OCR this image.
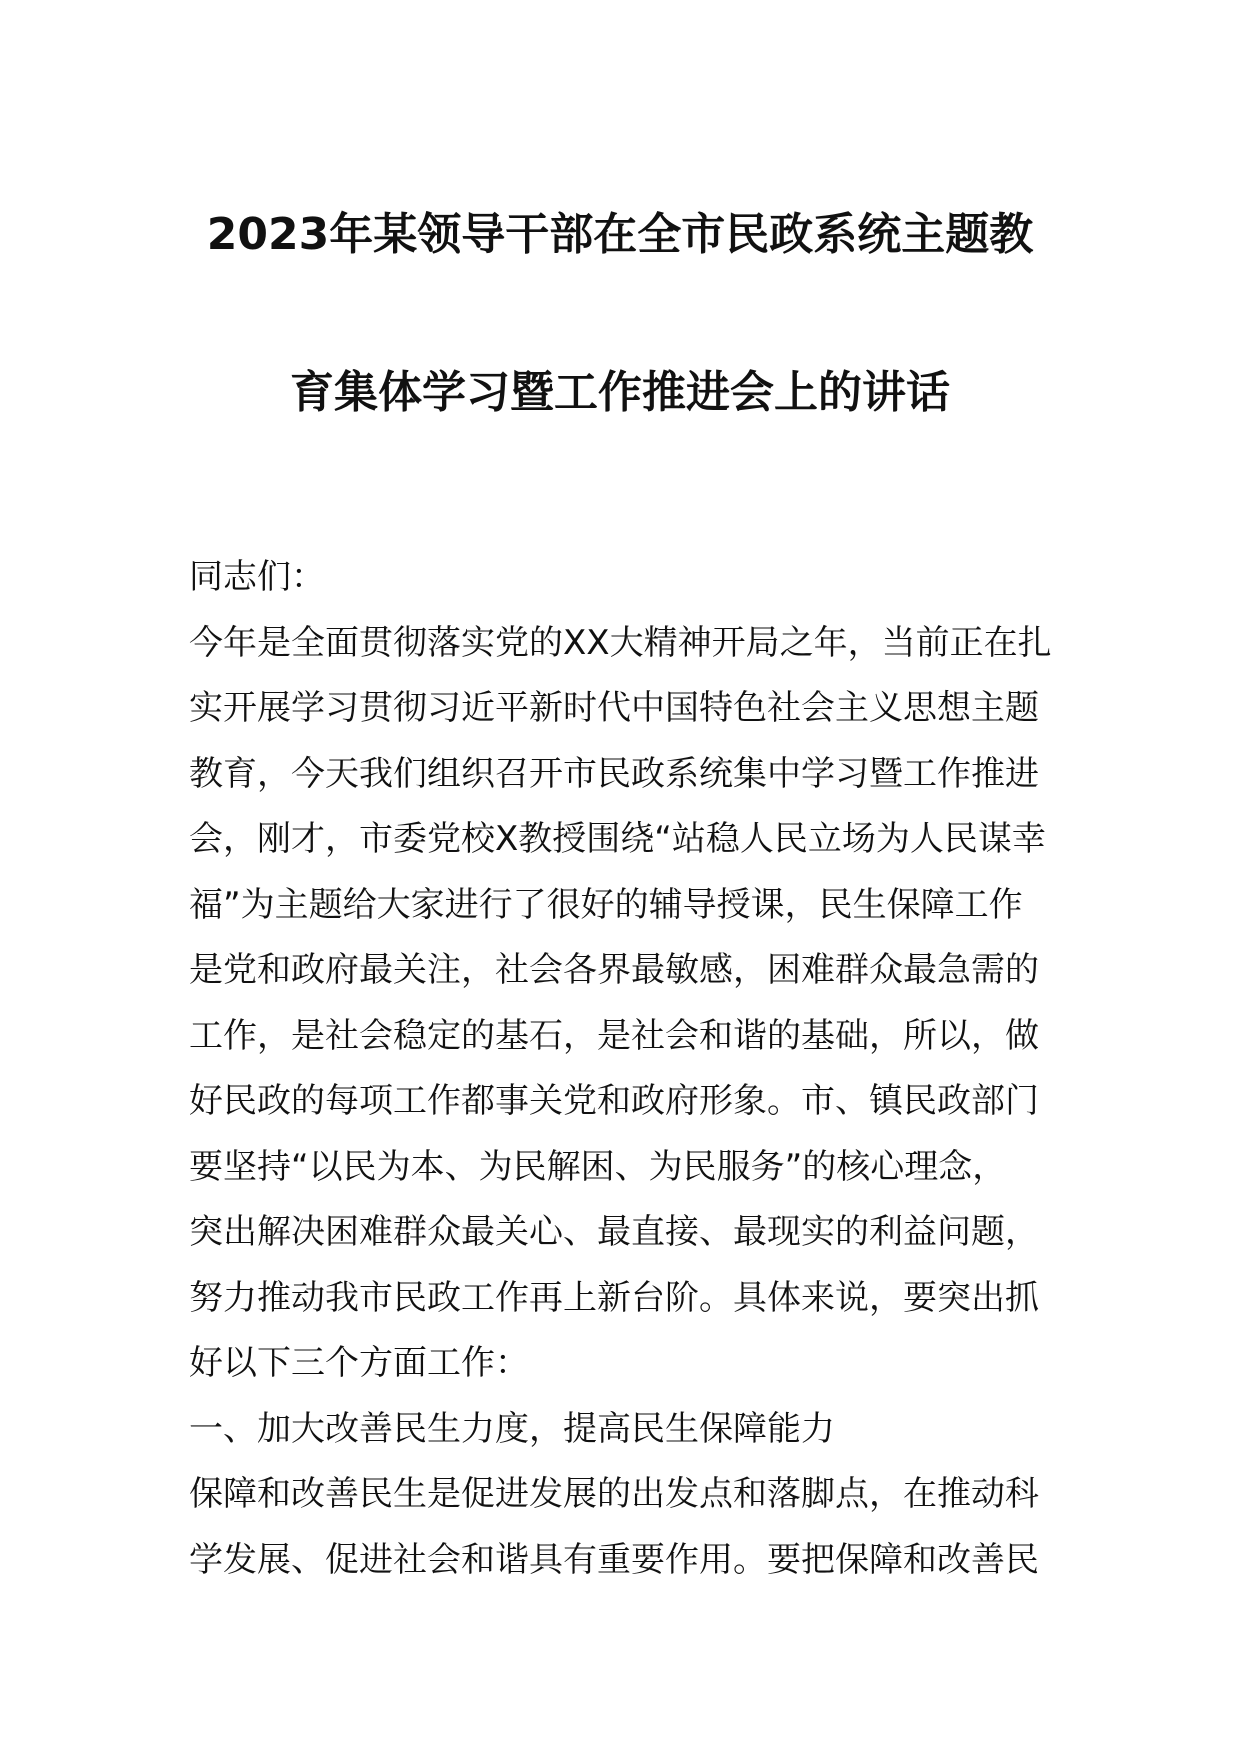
2023年某领导干部在全市民政系统主题教
育集体学习暨工作推进会上的讲话
同志们：
今年是全面贯彻落实党的XX大精神开局之年，当前正在扎
实开展学习贯彻习近平新时代中国特色社会主义思想主题
教育，今天我们组织召开市民政系统集中学习暨工作推进
会，刚才，市委党校X教授围绕“站稳人民立场为人民谋幸
福”为主题给大家进行了很好的辅导授课，民生保障工作
是党和政府最关注，社会各界最敏感，困难群众最急需的
工作，是社会稳定的基石，是社会和谐的基础，所以，做
好民政的每项工作都事关党和政府形象。市、镇民政部门
要坚持“以民为本、为民解困、为民服务”的核心理念，
突出解决困难群众最关心、最直接、最现实的利益问题，
努力推动我市民政工作再上新台阶。具体来说，要突出抓
好以下三个方面工作：
一、加大改善民生力度，提高民生保障能力
保障和改善民生是促进发展的出发点和落脚点，在推动科
学发展、促进社会和谐具有重要作用。要把保障和改善民
